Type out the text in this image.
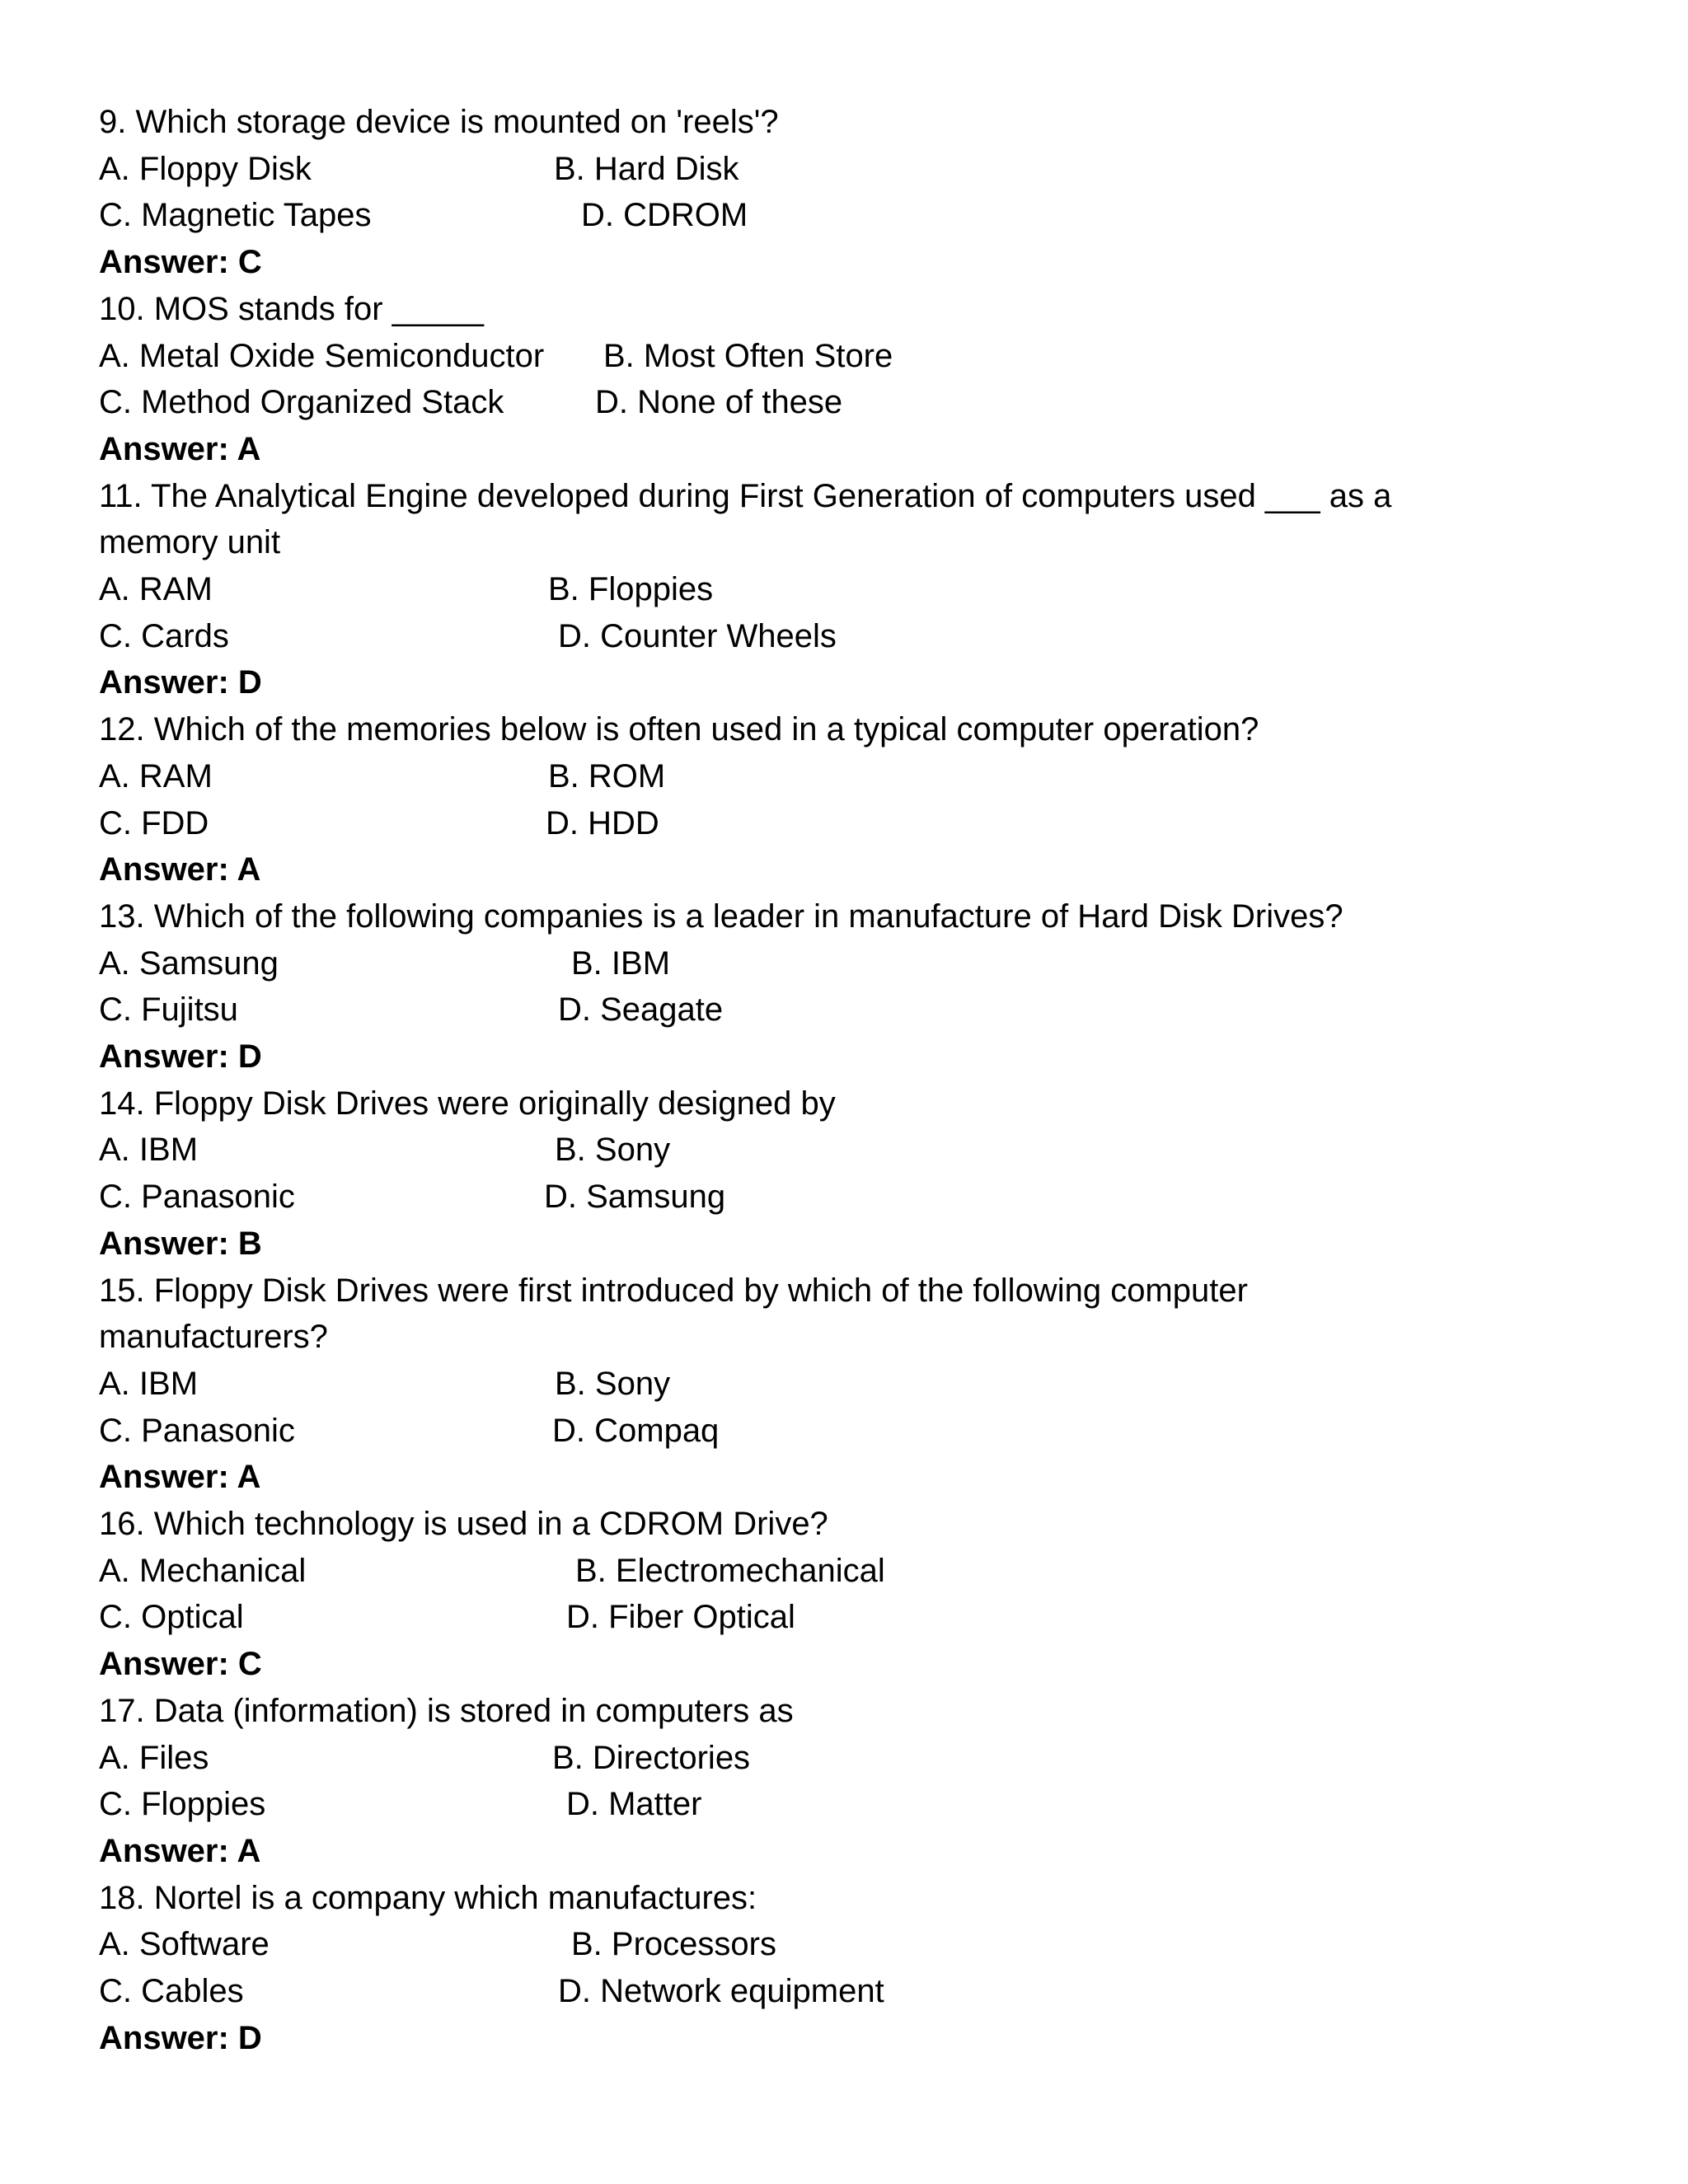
9. Which storage device is mounted on 'reels'?
A. Floppy Disk	B. Hard Disk
C. Magnetic Tapes	D. CDROM
Answer: C
10. MOS stands for _____
A. Metal Oxide Semiconductor B. Most Often Store
C. Method Organized Stack	D. None of these
Answer: A
11. The Analytical Engine developed during First Generation of computers used ___ as a
memory unit
A. RAM	B. Floppies
C. Cards	D. Counter Wheels
Answer: D
12. Which of the memories below is often used in a typical computer operation?
A. RAM	B. ROM
C. FDD	D. HDD
Answer: A
13. Which of the following companies is a leader in manufacture of Hard Disk Drives?
A. Samsung	B. IBM
C. Fujitsu	D. Seagate
Answer: D
14. Floppy Disk Drives were originally designed by
A. IBM	B. Sony
C. Panasonic	D. Samsung
Answer: B
15. Floppy Disk Drives were first introduced by which of the following computer
manufacturers?
A. IBM	B. Sony
C. Panasonic	D. Compaq
Answer: A
16. Which technology is used in a CDROM Drive?
A. Mechanical	B. Electromechanical
C. Optical	D. Fiber Optical
Answer: C
17. Data (information) is stored in computers as
A. Files	B. Directories
C. Floppies	D. Matter
Answer: A
18. Nortel is a company which manufactures:
A. Software	B. Processors
C. Cables	D. Network equipment
Answer: D
